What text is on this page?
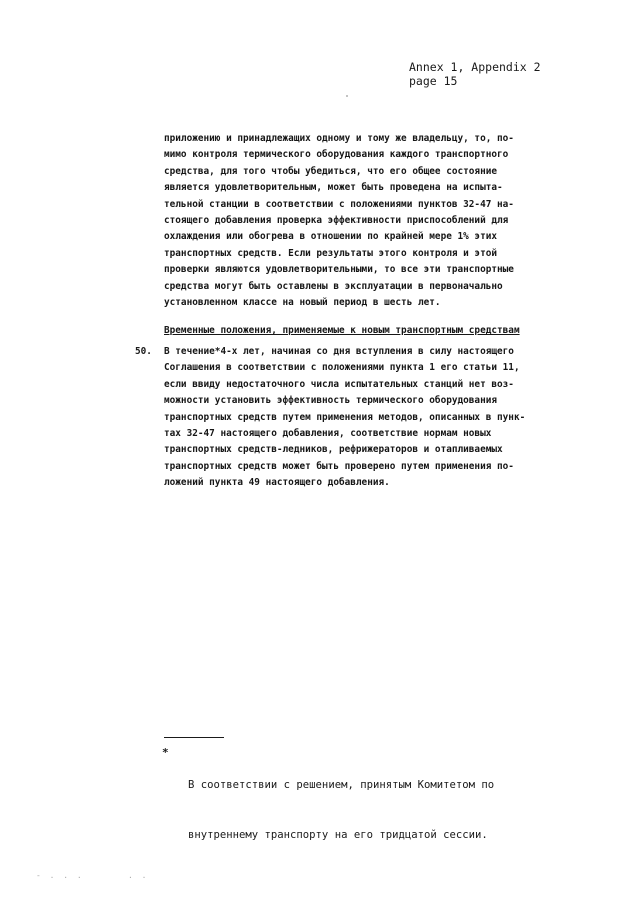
Annex 1, Appendix 2
page 15
приложению и принадлежащих одному и тому же владельцу, то, по-
мимо контроля термического оборудования каждого транспортного
средства, для того чтобы убедиться, что его общее состояние
является удовлетворительным, может быть проведена на испыта-
тельной станции в соответствии с положениями пунктов 32-47 на-
стоящего добавления проверка эффективности приспособлений для
охлаждения или обогрева в отношении по крайней мере 1% этих
транспортных средств. Если результаты этого контроля и этой
проверки являются удовлетворительными, то все эти транспортные
средства могут быть оставлены в эксплуатации в первоначально
установленном классе на новый период в шесть лет.
Временные положения, применяемые к новым транспортным средствам
50. В течение*4-х лет, начиная со дня вступления в силу настоящего
Соглашения в соответствии с положениями пункта 1 его статьи 11,
если ввиду недостаточного числа испытательных станций нет воз-
можности установить эффективность термического оборудования
транспортных средств путем применения методов, описанных в пунк-
тах 32-47 настоящего добавления, соответствие нормам новых
транспортных средств-ледников, рефрижераторов и отапливаемых
транспортных средств может быть проверено путем применения по-
ложений пункта 49 настоящего добавления.
*

В соответствии с решением, принятым Комитетом по

внутреннему транспорту на его тридцатой сессии.

- . . .	. .
